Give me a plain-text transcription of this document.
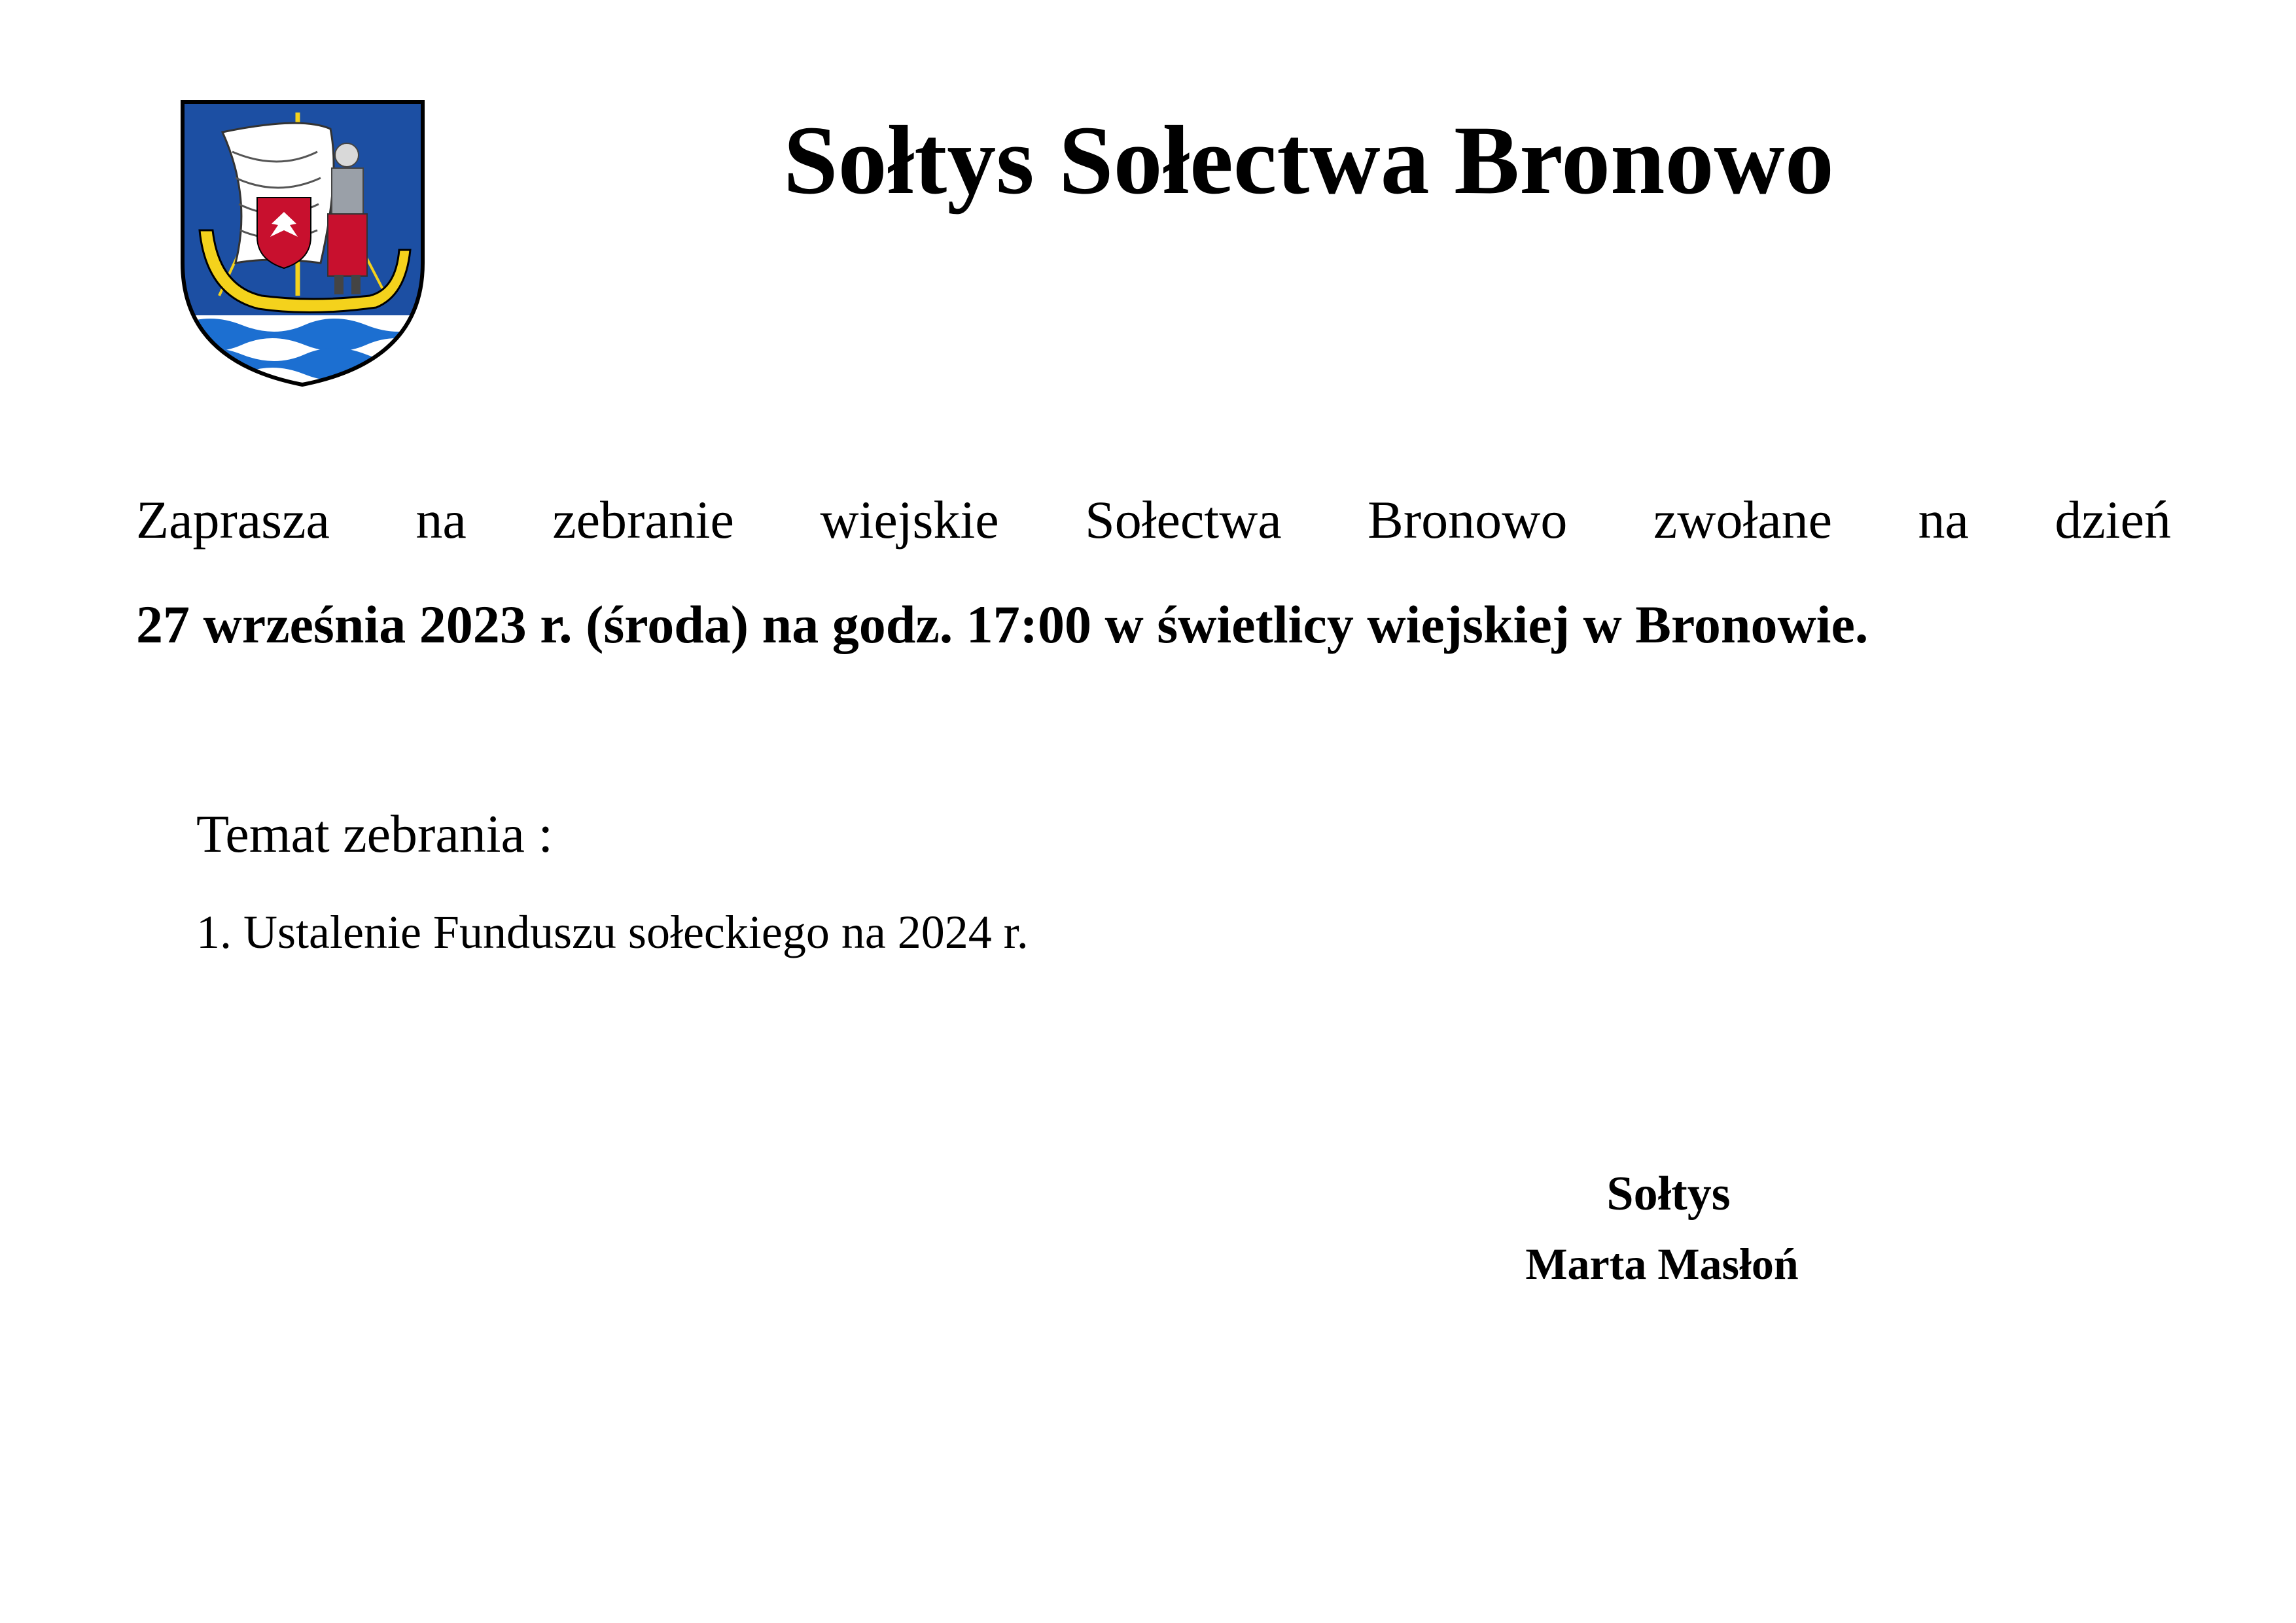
Sołtys Sołectwa Bronowo
Zaprasza na zebranie wiejskie Sołectwa Bronowo zwołane na dzień
27 września 2023 r. (środa) na godz. 17:00 w świetlicy wiejskiej w Bronowie.
Temat zebrania :
1. Ustalenie Funduszu sołeckiego na 2024 r.
Sołtys
Marta Masłoń
